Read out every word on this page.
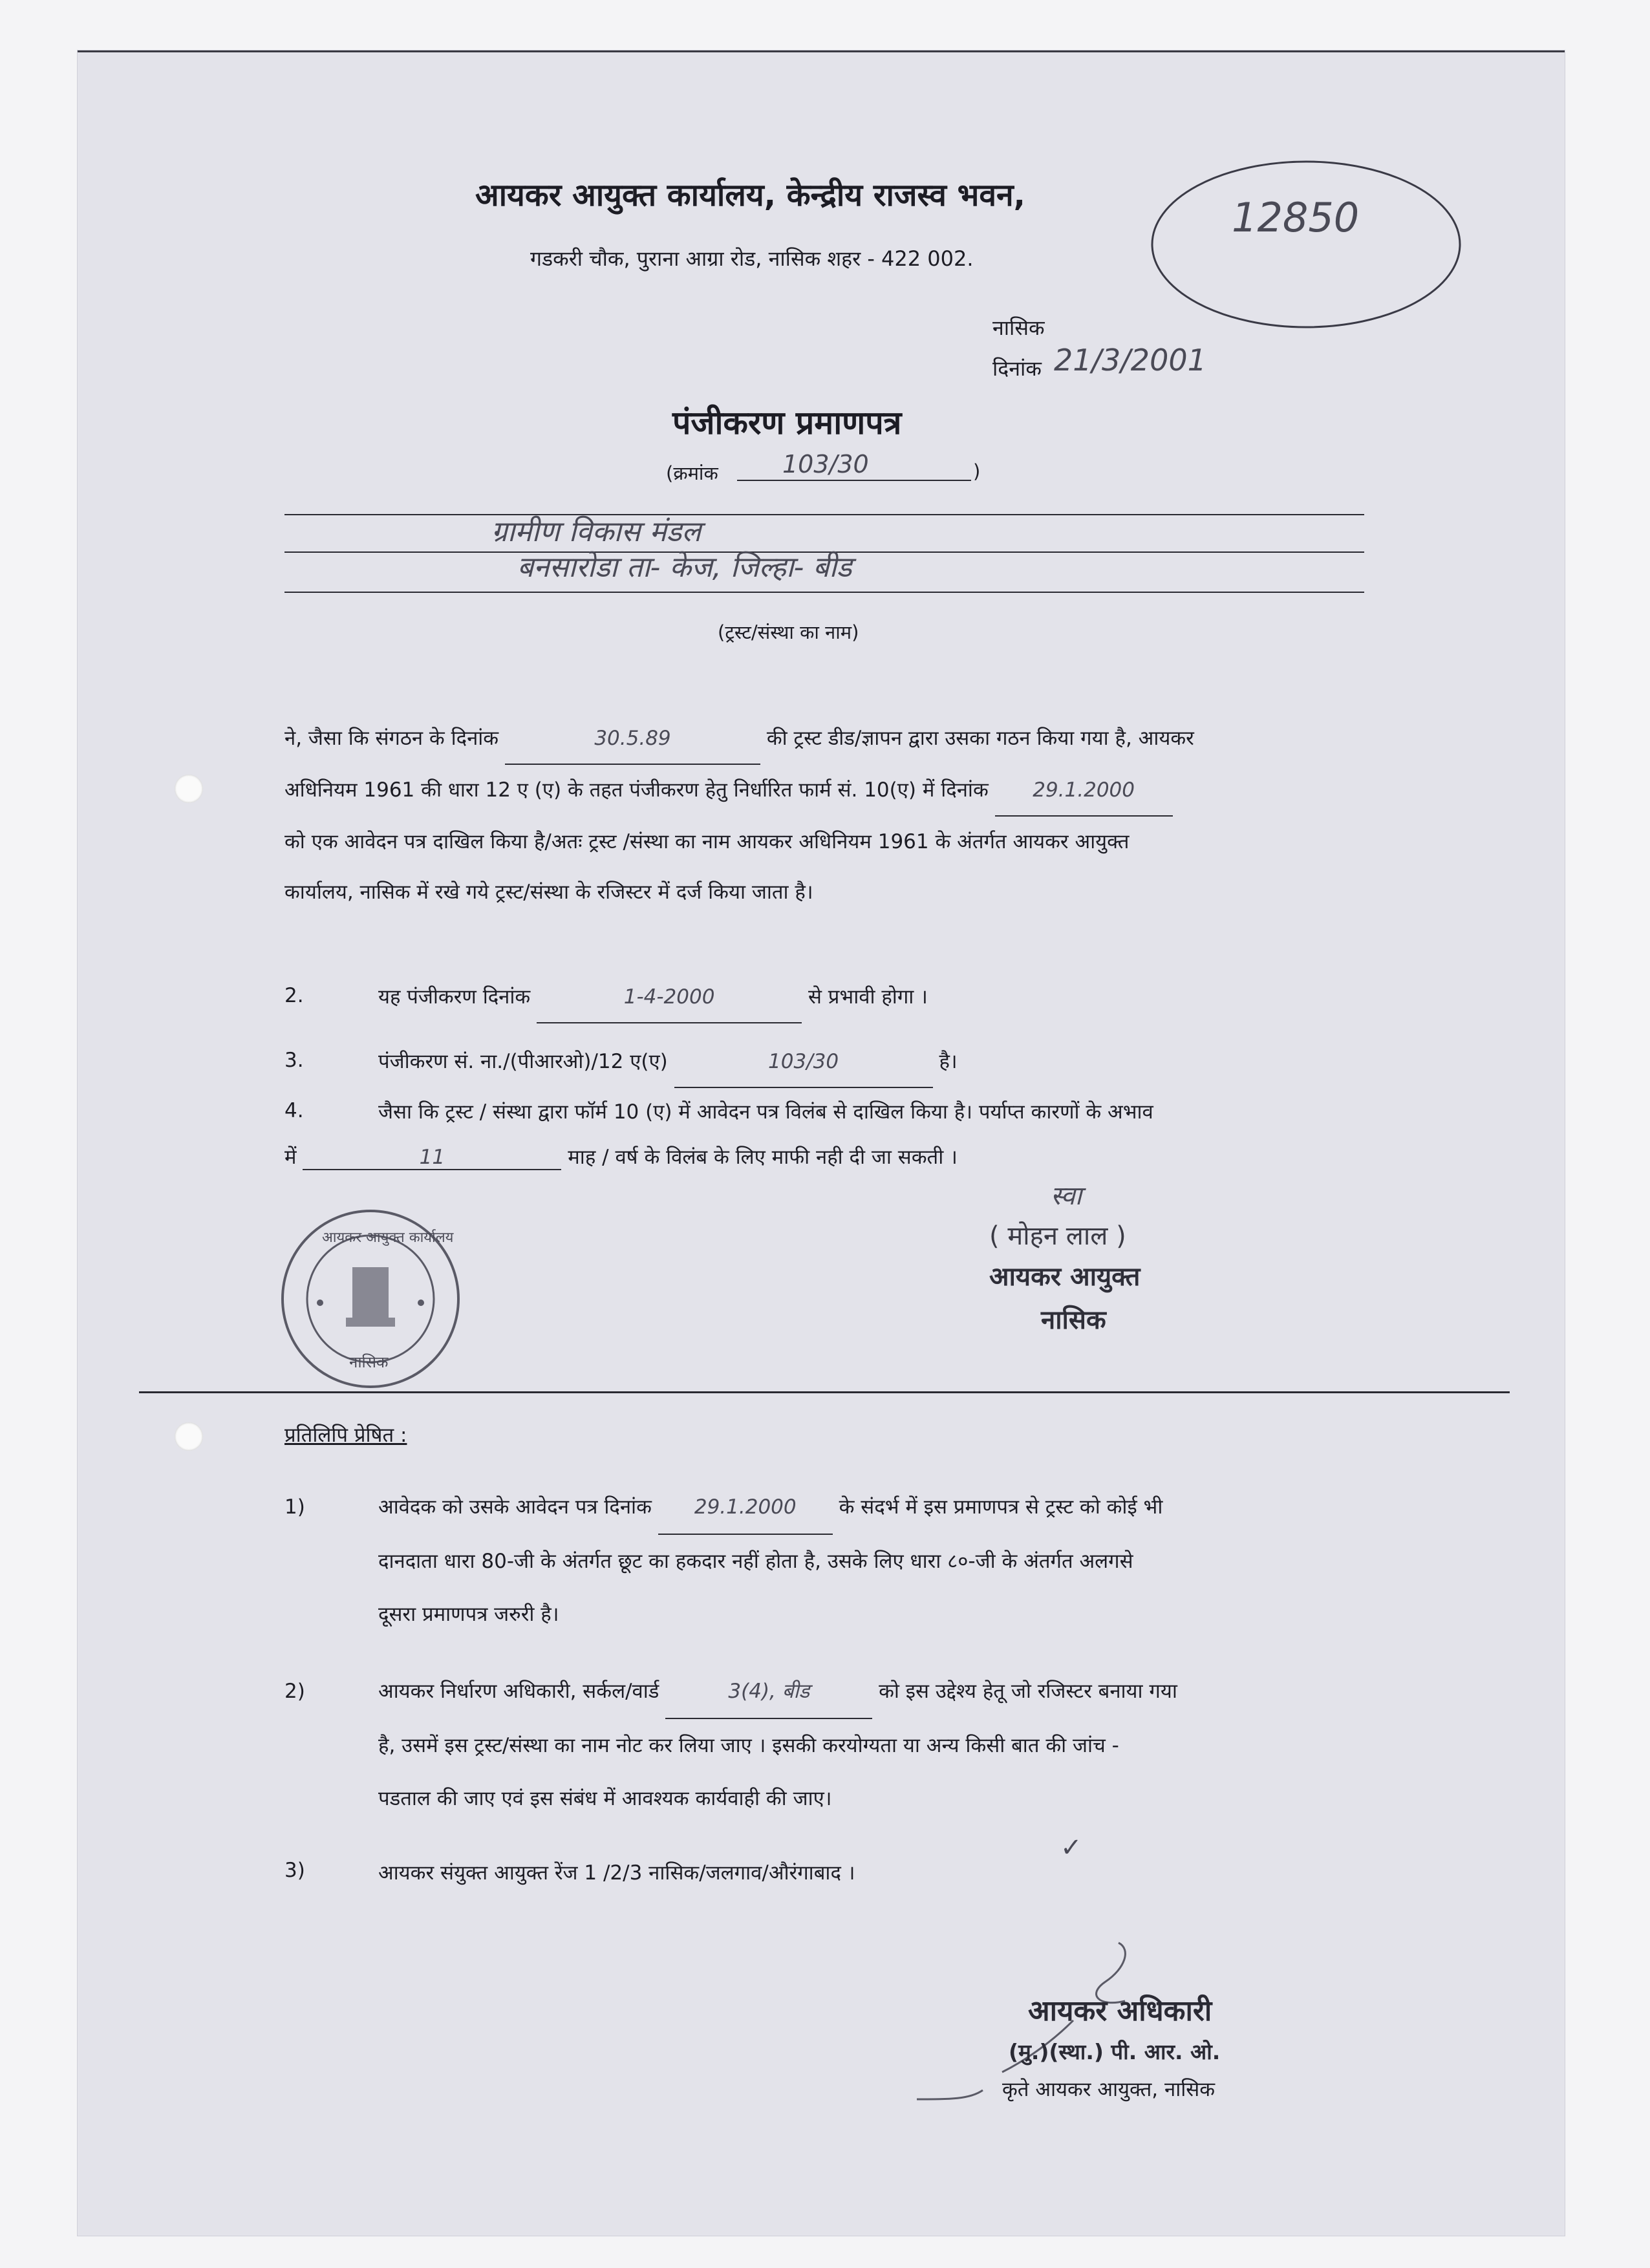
आयकर आयुक्त कार्यालय, केन्द्रीय राजस्व भवन,
गडकरी चौक, पुराना आग्रा रोड, नासिक शहर - 422 002.
12850
नासिक
दिनांक 21/3/2001
पंजीकरण प्रमाणपत्र
(क्रमांक	103/30	)
ग्रामीण विकास मंडल
बनसारोडा ता- केज, जिल्हा- बीड
(ट्रस्ट/संस्था का नाम)

ने, जैसा कि संगठन के दिनांक	30.5.89	की ट्रस्ट डीड/ज्ञापन द्वारा उसका गठन किया गया है, आयकर

अधिनियम 1961 की धारा 12 ए (ए) के तहत पंजीकरण हेतु निर्धारित फार्म सं. 10(ए) में दिनांक 29.1.2000

को एक आवेदन पत्र दाखिल किया है/अतः ट्रस्ट /संस्था का नाम आयकर अधिनियम 1961 के अंतर्गत आयकर आयुक्त

कार्यालय, नासिक में रखे गये ट्रस्ट/संस्था के रजिस्टर में दर्ज किया जाता है।

2.	यह पंजीकरण दिनांक	1-4-2000	से प्रभावी होगा ।

3.	पंजीकरण सं. ना./(पीआरओ)/12 ए(ए)	103/30	है।

4.	जैसा कि ट्रस्ट / संस्था द्वारा फॉर्म 10 (ए) में आवेदन पत्र विलंब से दाखिल किया है। पर्याप्त कारणों के अभाव

में	11	माह / वर्ष के विलंब के लिए माफी नही दी जा सकती ।
स्वा
( मोहन लाल )
आयकर आयुक्त
नासिक
आयकर आयुक्त कार्यालय
नासिक
प्रतिलिपि प्रेषित :
1)	आवेदक को उसके आवेदन पत्र दिनांक 29.1.2000 के संदर्भ में इस प्रमाणपत्र से ट्रस्ट को कोई भी

दानदाता धारा 80-जी के अंतर्गत छूट का हकदार नहीं होता है, उसके लिए धारा ८०-जी के अंतर्गत अलगसे

दूसरा प्रमाणपत्र जरुरी है।

2)	आयकर निर्धारण अधिकारी, सर्कल/वार्ड	3(4), बीड	को इस उद्देश्य हेतू जो रजिस्टर बनाया गया

है, उसमें इस ट्रस्ट/संस्था का नाम नोट कर लिया जाए । इसकी करयोग्यता या अन्य किसी बात की जांच -

पडताल की जाए एवं इस संबंध में आवश्यक कार्यवाही की जाए।

3)	आयकर संयुक्त आयुक्त रेंज 1 /2/3 नासिक/जलगाव/औरंगाबाद ।
✓
आयकर अधिकारी
(मु.)(स्था.) पी. आर. ओ.
कृते आयकर आयुक्त, नासिक
